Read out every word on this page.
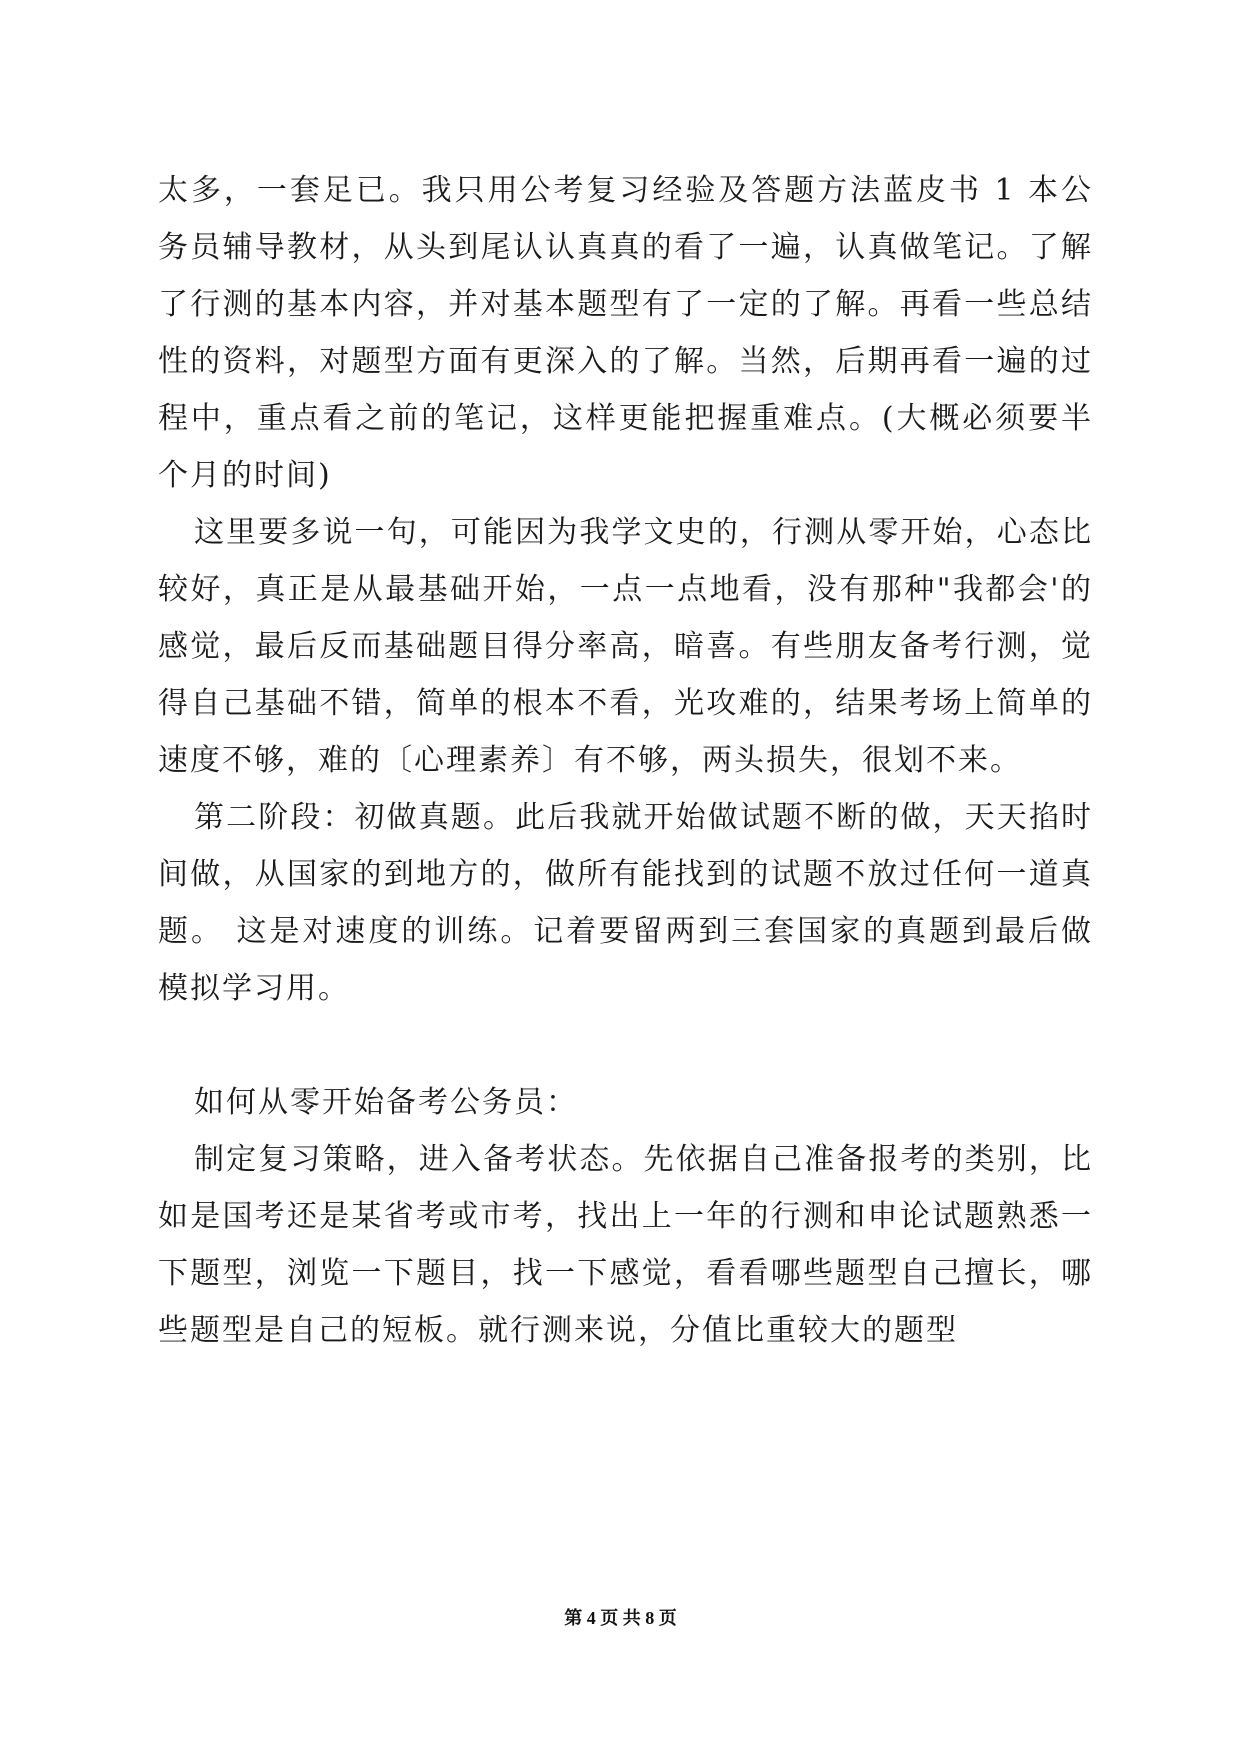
太多，一套足已。我只用公考复习经验及答题方法蓝皮书 1 本公务员辅导教材，从头到尾认认真真的看了一遍，认真做笔记。了解了行测的基本内容，并对基本题型有了一定的了解。再看一些总结性的资料，对题型方面有更深入的了解。当然，后期再看一遍的过程中，重点看之前的笔记，这样更能把握重难点。(大概必须要半个月的时间)

这里要多说一句，可能因为我学文史的，行测从零开始，心态比较好，真正是从最基础开始，一点一点地看，没有那种"我都会'的感觉，最后反而基础题目得分率高，暗喜。有些朋友备考行测，觉得自己基础不错，简单的根本不看，光攻难的，结果考场上简单的速度不够，难的〔心理素养〕有不够，两头损失，很划不来。

第二阶段：初做真题。此后我就开始做试题不断的做，天天掐时间做，从国家的到地方的，做所有能找到的试题不放过任何一道真题。 这是对速度的训练。记着要留两到三套国家的真题到最后做模拟学习用。

如何从零开始备考公务员：

制定复习策略，进入备考状态。先依据自己准备报考的类别，比如是国考还是某省考或市考，找出上一年的行测和申论试题熟悉一下题型，浏览一下题目，找一下感觉，看看哪些题型自己擅长，哪些题型是自己的短板。就行测来说，分值比重较大的题型

第 4 页 共 8 页
